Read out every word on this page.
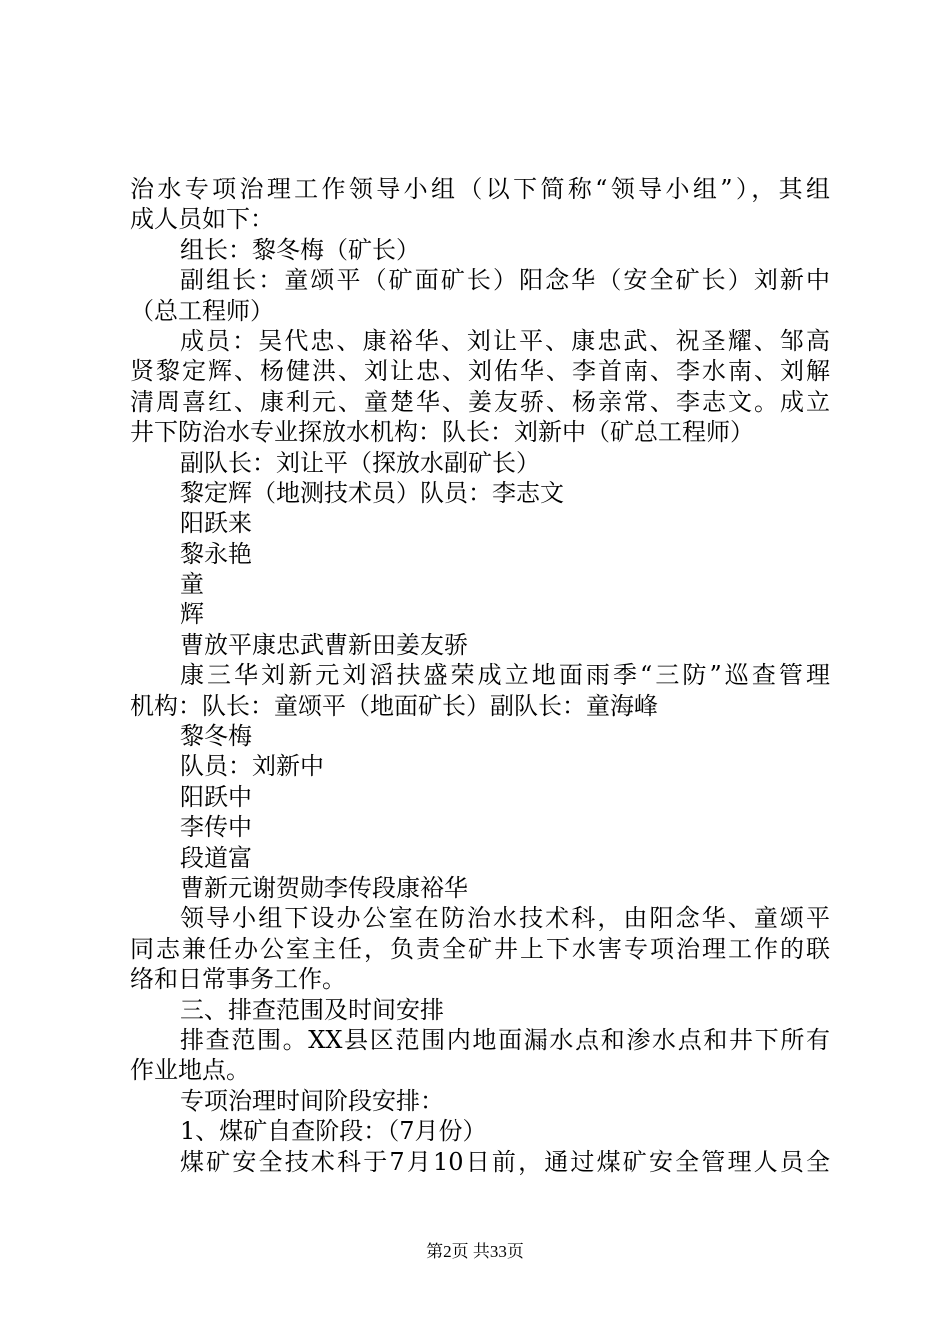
治水专项治理工作领导小组（以下简称“领导小组”），其组
成人员如下：
组长：黎冬梅（矿长）
副组长：童颂平（矿面矿长）阳念华（安全矿长）刘新中
（总工程师）
成员：吴代忠、康裕华、刘让平、康忠武、祝圣耀、邹高
贤黎定辉、杨健洪、刘让忠、刘佑华、李首南、李水南、刘解
清周喜红、康利元、童楚华、姜友骄、杨亲常、李志文。成立
井下防治水专业探放水机构：队长：刘新中（矿总工程师）
副队长：刘让平（探放水副矿长）
黎定辉（地测技术员）队员：李志文
阳跃来
黎永艳
童
辉
曹放平康忠武曹新田姜友骄
康三华刘新元刘滔扶盛荣成立地面雨季“三防”巡查管理
机构：队长：童颂平（地面矿长）副队长：童海峰
黎冬梅
队员：刘新中
阳跃中
李传中
段道富
曹新元谢贺勋李传段康裕华
领导小组下设办公室在防治水技术科，由阳念华、童颂平
同志兼任办公室主任，负责全矿井上下水害专项治理工作的联
络和日常事务工作。
三、排查范围及时间安排
排查范围。XX县区范围内地面漏水点和渗水点和井下所有
作业地点。
专项治理时间阶段安排：
1、煤矿自查阶段：（7月份）
煤矿安全技术科于7月10日前，通过煤矿安全管理人员全
第2页 共33页
